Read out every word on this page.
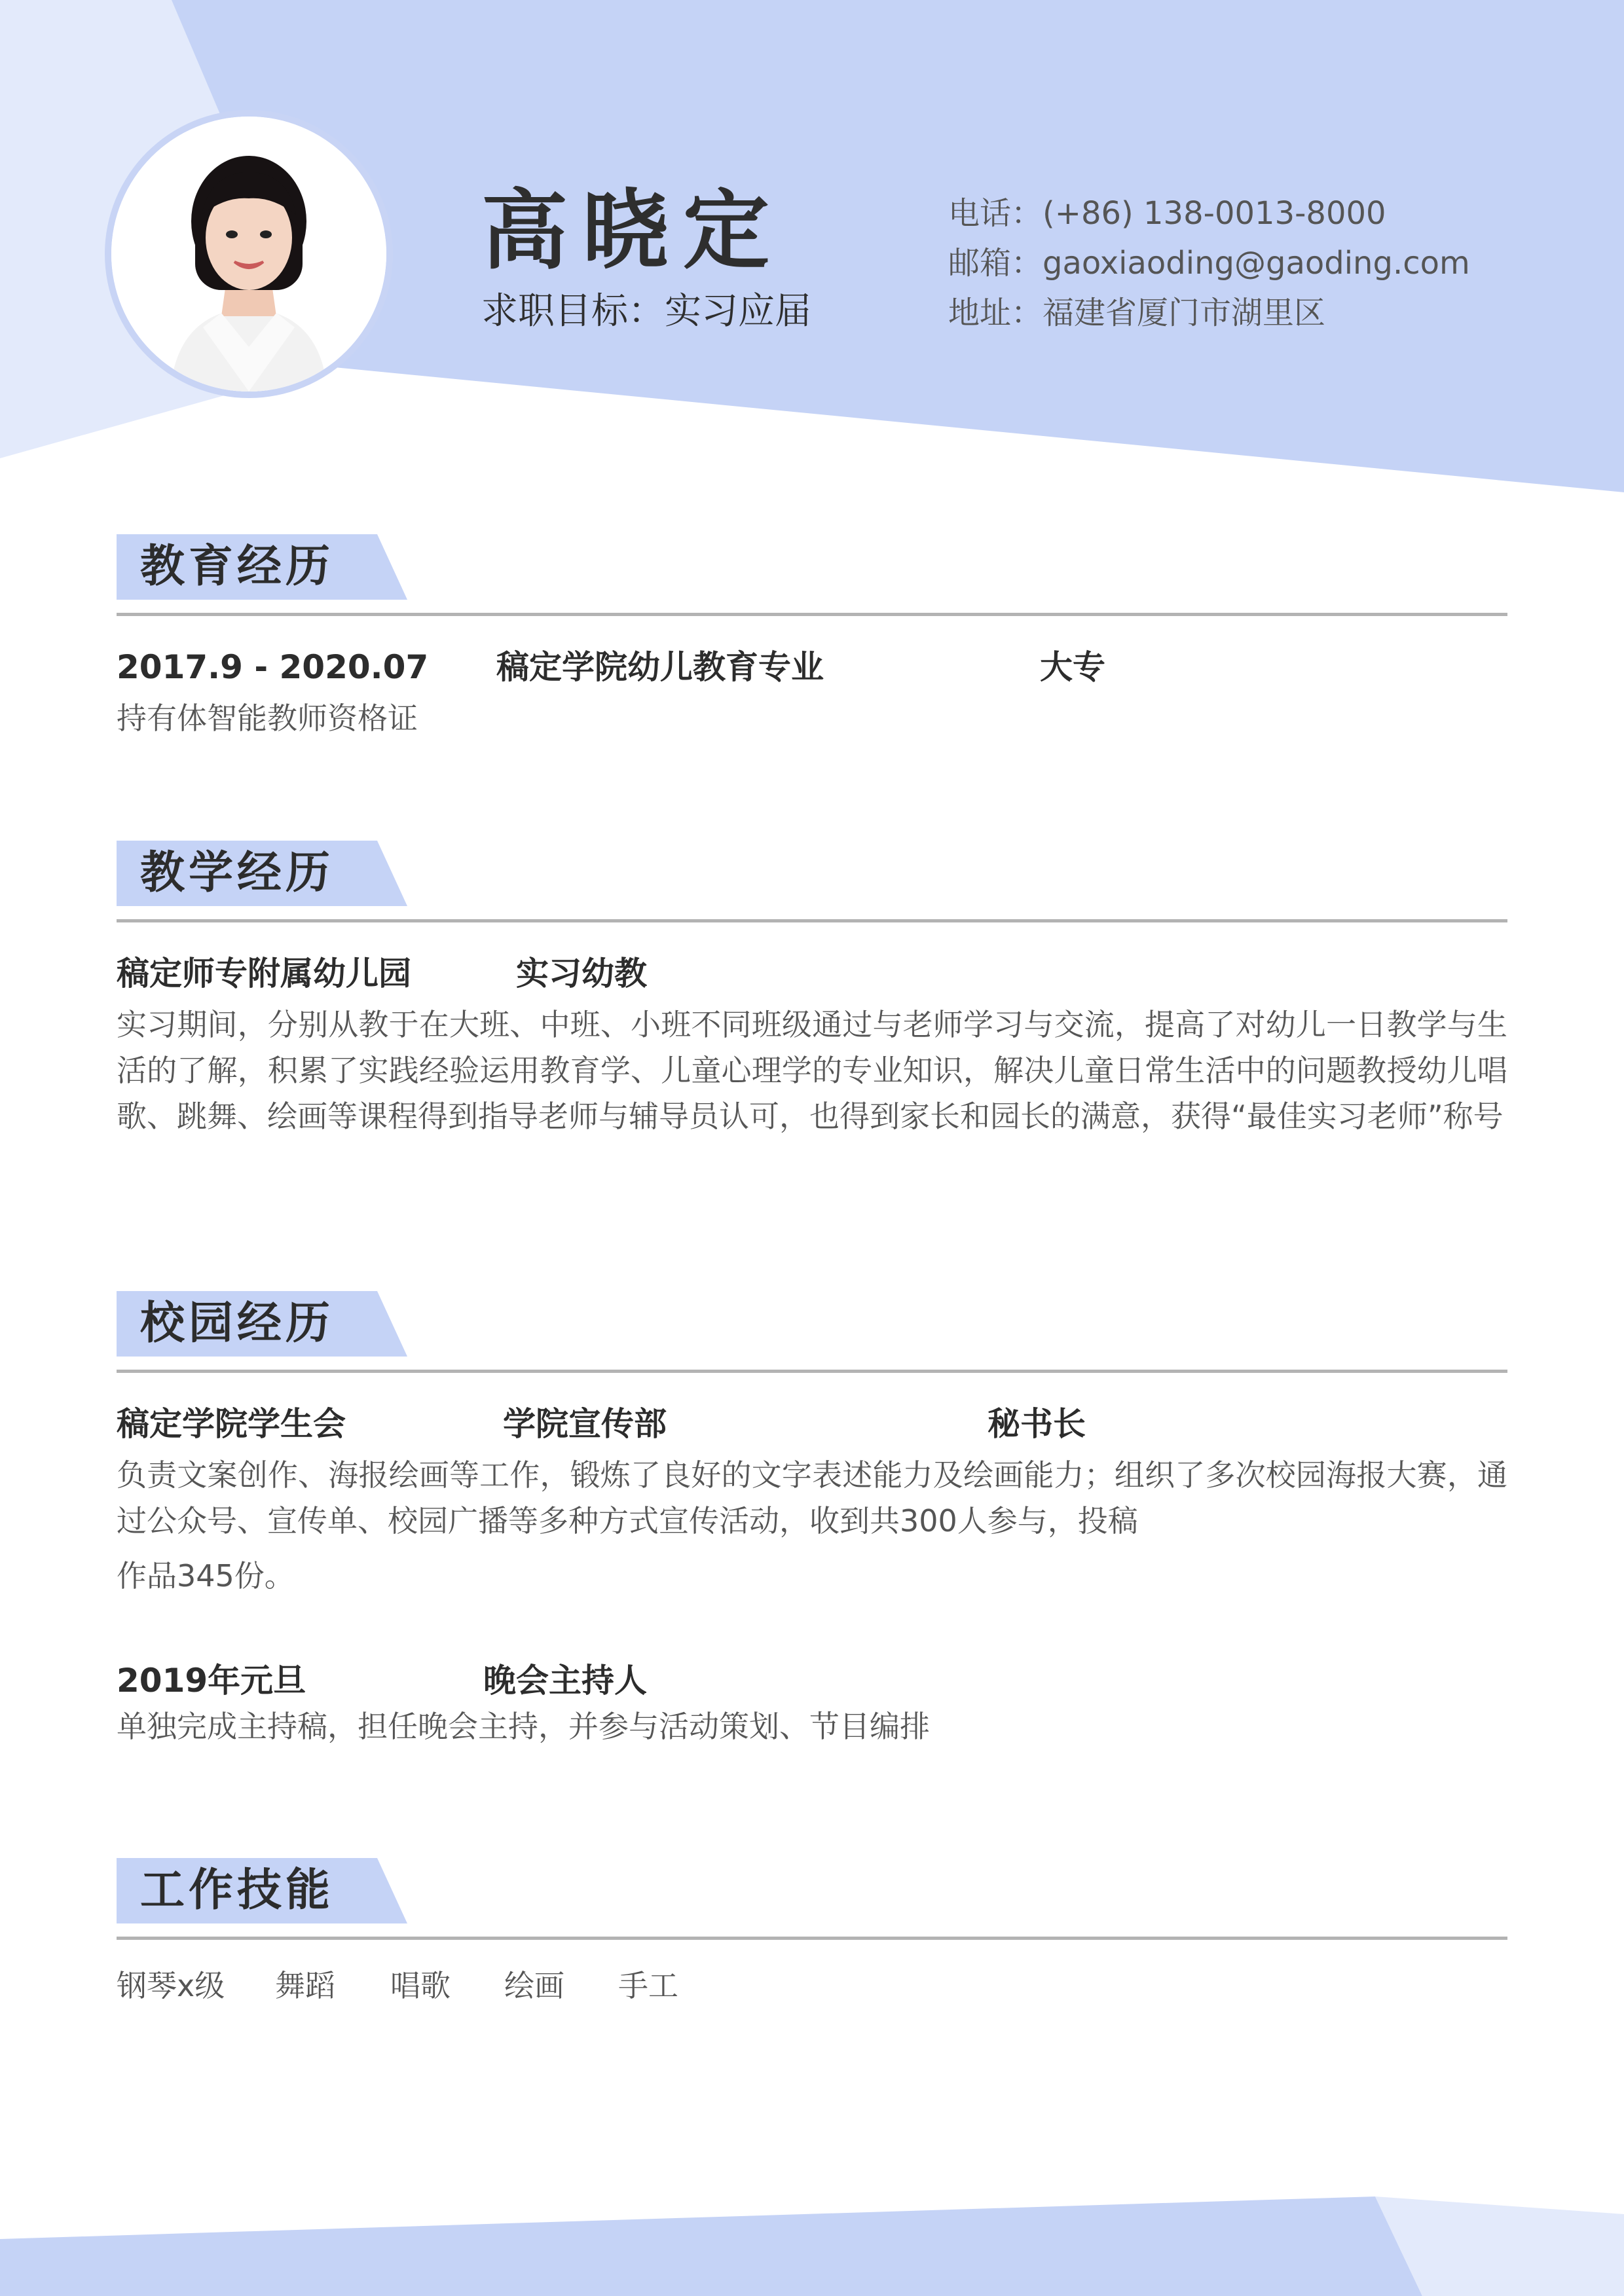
高晓定
求职目标：实习应届
电话：(+86) 138-0013-8000
邮箱：gaoxiaoding@gaoding.com
地址：福建省厦门市湖里区
教育经历
2017.9 - 2020.07 稿定学院幼儿教育专业	大专
持有体智能教师资格证
教学经历
稿定师专附属幼儿园	实习幼教
实习期间，分别从教于在大班、中班、小班不同班级通过与老师学习与交流，提高了对幼儿一日教学与生活的了解，积累了实践经验运用教育学、儿童心理学的专业知识，解决儿童日常生活中的问题教授幼儿唱歌、跳舞、绘画等课程得到指导老师与辅导员认可，也得到家长和园长的满意，获得“最佳实习老师”称号
校园经历
稿定学院学生会	学院宣传部	秘书长
负责文案创作、海报绘画等工作，锻炼了良好的文字表述能力及绘画能力；组织了多次校园海报大赛，通过公众号、宣传单、校园广播等多种方式宣传活动，收到共300人参与，投稿
作品345份。
2019年元旦	晚会主持人
单独完成主持稿，担任晚会主持，并参与活动策划、节目编排
工作技能
钢琴x级 舞蹈 唱歌 绘画 手工
